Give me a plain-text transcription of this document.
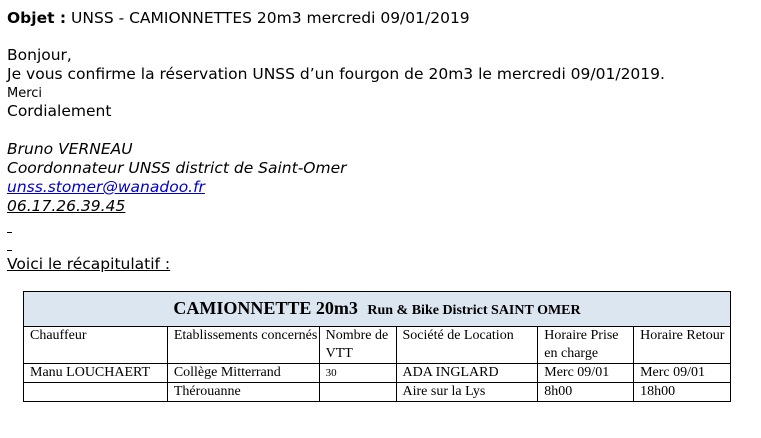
Objet : UNSS - CAMIONNETTES 20m3 mercredi 09/01/2019
Bonjour,
Je vous confirme la réservation UNSS d’un fourgon de 20m3 le mercredi 09/01/2019.
Merci
Cordialement
Bruno VERNEAU
Coordonnateur UNSS district de Saint-Omer
unss.stomer@wanadoo.fr
06.17.26.39.45
Voici le récapitulatif :
CAMIONNETTE 20m3 Run & Bike District SAINT OMER					
Chauffeur	Etablissements concernés	Nombre de VTT	Société de Location	Horaire Prise en charge	Horaire Retour
Manu LOUCHAERT	Collège Mitterrand	30	ADA INGLARD	Merc 09/01	Merc 09/01
	Thérouanne		Aire sur la Lys	8h00	18h00
